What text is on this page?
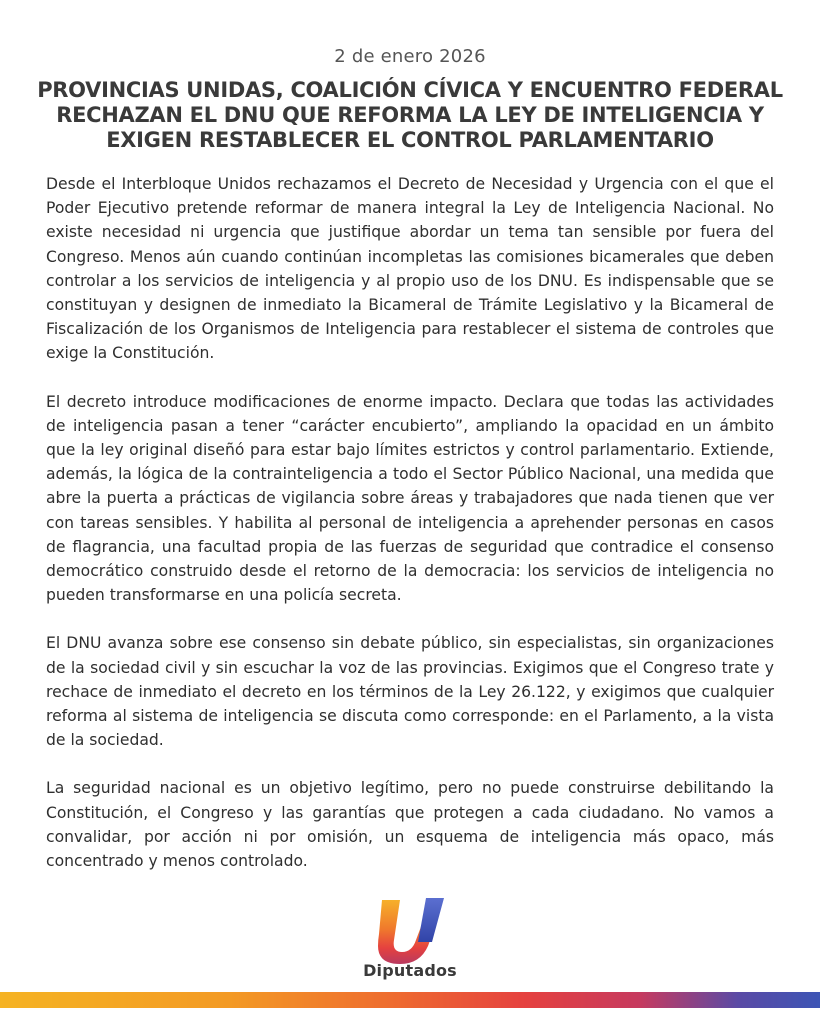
2 de enero 2026
PROVINCIAS UNIDAS, COALICIÓN CÍVICA Y ENCUENTRO FEDERAL
RECHAZAN EL DNU QUE REFORMA LA LEY DE INTELIGENCIA Y
EXIGEN RESTABLECER EL CONTROL PARLAMENTARIO

Desde el Interbloque Unidos rechazamos el Decreto de Necesidad y Urgencia con el que el Poder Ejecutivo pretende reformar de manera integral la Ley de Inteligencia Nacional. No existe necesidad ni urgencia que justifique abordar un tema tan sensible por fuera del Congreso. Menos aún cuando continúan incompletas las comisiones bicamerales que deben controlar a los servicios de inteligencia y al propio uso de los DNU. Es indispensable que se constituyan y designen de inmediato la Bicameral de Trámite Legislativo y la Bicameral de Fiscalización de los Organismos de Inteligencia para restablecer el sistema de controles que exige la Constitución.

El decreto introduce modificaciones de enorme impacto. Declara que todas las actividades de inteligencia pasan a tener “carácter encubierto”, ampliando la opacidad en un ámbito que la ley original diseñó para estar bajo límites estrictos y control parlamentario. Extiende, además, la lógica de la contrainteligencia a todo el Sector Público Nacional, una medida que abre la puerta a prácticas de vigilancia sobre áreas y trabajadores que nada tienen que ver con tareas sensibles. Y habilita al personal de inteligencia a aprehender personas en casos de flagrancia, una facultad propia de las fuerzas de seguridad que contradice el consenso democrático construido desde el retorno de la democracia: los servicios de inteligencia no pueden transformarse en una policía secreta.

El DNU avanza sobre ese consenso sin debate público, sin especialistas, sin organizaciones de la sociedad civil y sin escuchar la voz de las provincias. Exigimos que el Congreso trate y rechace de inmediato el decreto en los términos de la Ley 26.122, y exigimos que cualquier reforma al sistema de inteligencia se discuta como corresponde: en el Parlamento, a la vista de la sociedad.

La seguridad nacional es un objetivo legítimo, pero no puede construirse debilitando la Constitución, el Congreso y las garantías que protegen a cada ciudadano. No vamos a convalidar, por acción ni por omisión, un esquema de inteligencia más opaco, más concentrado y menos controlado.

Diputados
